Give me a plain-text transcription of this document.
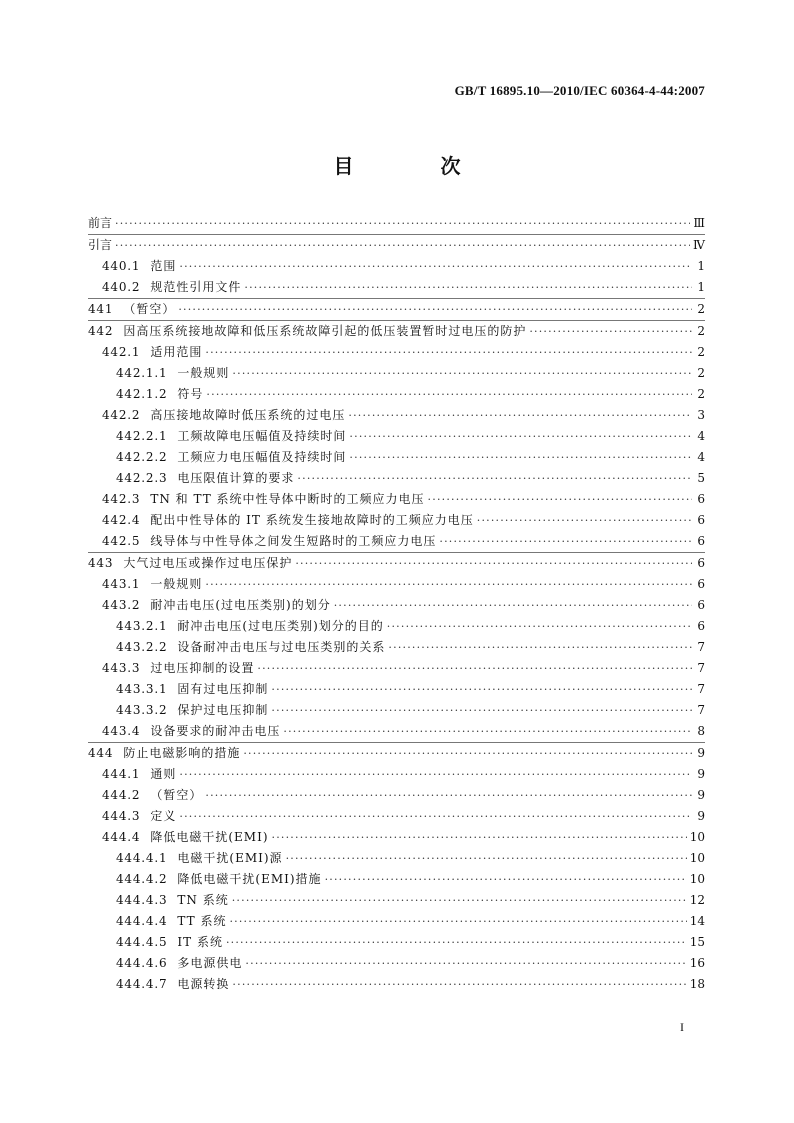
GB/T 16895.10—2010/IEC 60364-4-44:2007
目 次
前言 ·····	Ⅲ
引言 ·····	Ⅳ
440.1 范围 ·····	1
440.2 规范性引用文件 ·····	1
441 （暂空） ·····	2
442 因高压系统接地故障和低压系统故障引起的低压装置暂时过电压的防护 ·····	2
442.1 适用范围 ·····	2
442.1.1 一般规则 ·····	2
442.1.2 符号 ·····	2
442.2 高压接地故障时低压系统的过电压 ·····	3
442.2.1 工频故障电压幅值及持续时间 ·····	4
442.2.2 工频应力电压幅值及持续时间 ·····	4
442.2.3 电压限值计算的要求 ·····	5
442.3 TN 和 TT 系统中性导体中断时的工频应力电压 ·····	6
442.4 配出中性导体的 IT 系统发生接地故障时的工频应力电压 ·····	6
442.5 线导体与中性导体之间发生短路时的工频应力电压 ·····	6
443 大气过电压或操作过电压保护 ·····	6
443.1 一般规则 ·····	6
443.2 耐冲击电压(过电压类别)的划分 ·····	6
443.2.1 耐冲击电压(过电压类别)划分的目的 ·····	6
443.2.2 设备耐冲击电压与过电压类别的关系 ·····	7
443.3 过电压抑制的设置 ·····	7
443.3.1 固有过电压抑制 ·····	7
443.3.2 保护过电压抑制 ·····	7
443.4 设备要求的耐冲击电压 ·····	8
444 防止电磁影响的措施 ·····	9
444.1 通则 ·····	9
444.2 （暂空） ·····	9
444.3 定义 ·····	9
444.4 降低电磁干扰(EMI) ·····	10
444.4.1 电磁干扰(EMI)源 ·····	10
444.4.2 降低电磁干扰(EMI)措施 ·····	10
444.4.3 TN 系统 ·····	12
444.4.4 TT 系统 ·····	14
444.4.5 IT 系统 ·····	15
444.4.6 多电源供电 ·····	16
444.4.7 电源转换 ·····	18
I
